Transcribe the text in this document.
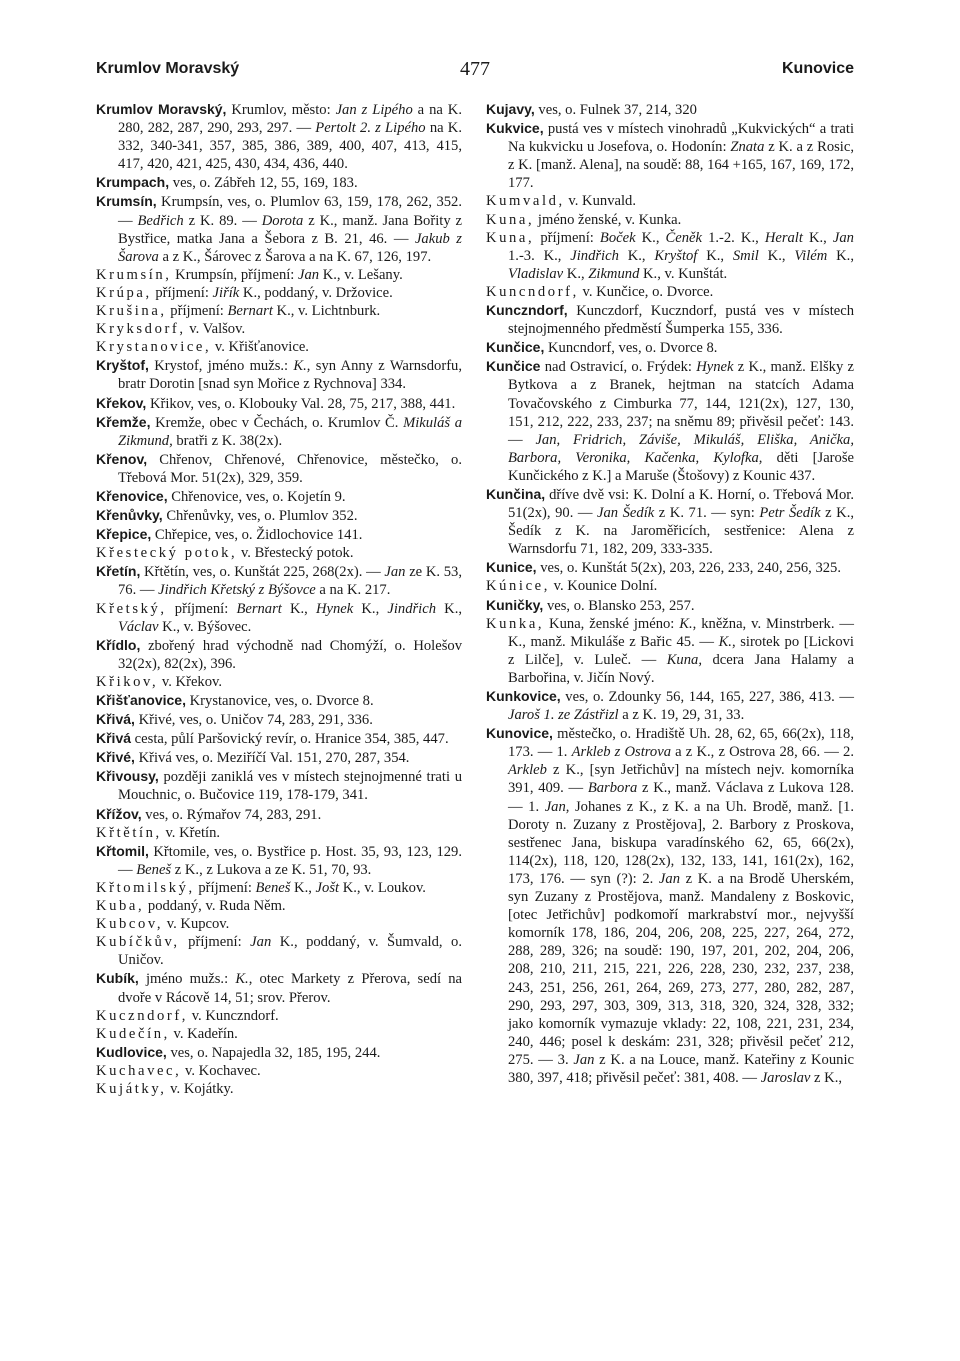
Krumlov Moravský	477	Kunovice

Krumlov Moravský, Krumlov, město: Jan z Lipého a na K. 280, 282, 287, 290, 293, 297. — Pertolt 2. z Lipého na K. 332, 340-341, 357, 385, 386, 389, 400, 407, 413, 415, 417, 420, 421, 425, 430, 434, 436, 440.

Krumpach, ves, o. Zábřeh 12, 55, 169, 183.

Krumsín, Krumpsín, ves, o. Plumlov 63, 159, 178, 262, 352. — Bedřich z K. 89. — Dorota z K., manž. Jana Bořity z Bystřice, matka Jana a Šebora z B. 21, 46. — Jakub z Šarova a z K., Šárovec z Šarova a na K. 67, 126, 197.

Krumsín, Krumpsín, příjmení: Jan K., v. Lešany.

Krúpa, příjmení: Jiřík K., poddaný, v. Držovice.

Krušina, příjmení: Bernart K., v. Lichtnburk.

Kryksdorf, v. Valšov.

Krystanovice, v. Křišťanovice.

Kryštof, Krystof, jméno mužs.: K., syn Anny z Warnsdorfu, bratr Dorotin [snad syn Mořice z Rychnova] 334.

Křekov, Křikov, ves, o. Klobouky Val. 28, 75, 217, 388, 441.

Křemže, Kremže, obec v Čechách, o. Krumlov Č. Mikuláš a Zikmund, bratři z K. 38(2x).

Křenov, Chřenov, Chřenové, Chřenovice, městečko, o. Třebová Mor. 51(2x), 329, 359.

Křenovice, Chřenovice, ves, o. Kojetín 9.

Křenůvky, Chřenůvky, ves, o. Plumlov 352.

Křepice, Chřepice, ves, o. Židlochovice 141.

Křestecký potok, v. Břestecký potok.

Křetín, Křtětín, ves, o. Kunštát 225, 268(2x). — Jan ze K. 53, 76. — Jindřich Křetský z Býšovce a na K. 217.

Křetský, příjmení: Bernart K., Hynek K., Jindřich K., Václav K., v. Býšovec.

Křídlo, zbořený hrad východně nad Chomýží, o. Holešov 32(2x), 82(2x), 396.

Křikov, v. Křekov.

Křišťanovice, Krystanovice, ves, o. Dvorce 8.

Křivá, Křivé, ves, o. Uničov 74, 283, 291, 336.

Křivá cesta, půlí Paršovický revír, o. Hranice 354, 385, 447.

Křivé, Křivá ves, o. Meziříčí Val. 151, 270, 287, 354.

Křivousy, později zaniklá ves v místech stejnojmenné trati u Mouchnic, o. Bučovice 119, 178-179, 341.

Křížov, ves, o. Rýmařov 74, 283, 291.

Křtětín, v. Křetín.

Křtomil, Křtomile, ves, o. Bystřice p. Host. 35, 93, 123, 129. — Beneš z K., z Lukova a ze K. 51, 70, 93.

Křtomilský, příjmení: Beneš K., Jošt K., v. Loukov.

Kuba, poddaný, v. Ruda Něm.

Kubcov, v. Kupcov.

Kubíčkův, příjmení: Jan K., poddaný, v. Šumvald, o. Uničov.

Kubík, jméno mužs.: K., otec Markety z Přerova, sedí na dvoře v Rácově 14, 51; srov. Přerov.

Kuczndorf, v. Kunczndorf.

Kudečín, v. Kadeřín.

Kudlovice, ves, o. Napajedla 32, 185, 195, 244.

Kuchavec, v. Kochavec.

Kujátky, v. Kojátky.

Kujavy, ves, o. Fulnek 37, 214, 320

Kukvice, pustá ves v místech vinohradů „Kukvických“ a trati Na kukvicku u Josefova, o. Hodonín: Znata z K. a z Rosic, z K. [manž. Alena], na soudě: 88, 164 +165, 167, 169, 172, 177.

Kumvald, v. Kunvald.

Kuna, jméno ženské, v. Kunka.

Kuna, příjmení: Boček K., Čeněk 1.-2. K., Heralt K., Jan 1.-3. K., Jindřich K., Kryštof K., Smil K., Vilém K., Vladislav K., Zikmund K., v. Kunštát.

Kuncndorf, v. Kunčice, o. Dvorce.

Kunczndorf, Kunczdorf, Kuczndorf, pustá ves v místech stejnojmenného předměstí Šumperka 155, 336.

Kunčice, Kuncndorf, ves, o. Dvorce 8.

Kunčice nad Ostravicí, o. Frýdek: Hynek z K., manž. Elšky z Bytkova a z Branek, hejtman na statcích Adama Tovačovského z Cimburka 77, 144, 121(2x), 127, 130, 151, 212, 222, 233, 237; na sněmu 89; přivěsil pečeť: 143. — Jan, Fridrich, Záviše, Mikuláš, Eliška, Anička, Barbora, Veronika, Kačenka, Kylofka, děti [Jaroše Kunčického z K.] a Maruše (Štošovy) z Kounic 437.

Kunčina, dříve dvě vsi: K. Dolní a K. Horní, o. Třebová Mor. 51(2x), 90. — Jan Šedík z K. 71. — syn: Petr Šedík z K., Šedík z K. na Jaroměřicích, sestřenice: Alena z Warnsdorfu 71, 182, 209, 333-335.

Kunice, ves, o. Kunštát 5(2x), 203, 226, 233, 240, 256, 325.

Kúnice, v. Kounice Dolní.

Kuničky, ves, o. Blansko 253, 257.

Kunka, Kuna, ženské jméno: K., kněžna, v. Minstrberk. — K., manž. Mikuláše z Bařic 45. — K., sirotek po [Lickovi z Lilče], v. Luleč. — Kuna, dcera Jana Halamy a Barbořina, v. Jičín Nový.

Kunkovice, ves, o. Zdounky 56, 144, 165, 227, 386, 413. — Jaroš 1. ze Zástřizl a z K. 19, 29, 31, 33.

Kunovice, městečko, o. Hradiště Uh. 28, 62, 65, 66(2x), 118, 173. — 1. Arkleb z Ostrova a z K., z Ostrova 28, 66. — 2. Arkleb z K., [syn Jetřichův] na místech nejv. komorníka 391, 409. — Barbora z K., manž. Václava z Lukova 128. — 1. Jan, Johanes z K., z K. a na Uh. Brodě, manž. [1. Doroty n. Zuzany z Prostějova], 2. Barbory z Proskova, sestřenec Jana, biskupa varadínského 62, 65, 66(2x), 114(2x), 118, 120, 128(2x), 132, 133, 141, 161(2x), 162, 173, 176. — syn (?): 2. Jan z K. a na Brodě Uherském, syn Zuzany z Prostějova, manž. Mandaleny z Boskovic, [otec Jetřichův] podkomoří markrabství mor., nejvyšší komorník 178, 186, 204, 206, 208, 225, 227, 264, 272, 288, 289, 326; na soudě: 190, 197, 201, 202, 204, 206, 208, 210, 211, 215, 221, 226, 228, 230, 232, 237, 238, 243, 251, 256, 261, 264, 269, 273, 277, 280, 282, 287, 290, 293, 297, 303, 309, 313, 318, 320, 324, 328, 332; jako komorník vymazuje vklady: 22, 108, 221, 231, 234, 240, 446; posel k deskám: 231, 328; přivěsil pečeť 212, 275. — 3. Jan z K. a na Louce, manž. Kateřiny z Kounic 380, 397, 418; přivěsil pečeť: 381, 408. — Jaroslav z K.,
